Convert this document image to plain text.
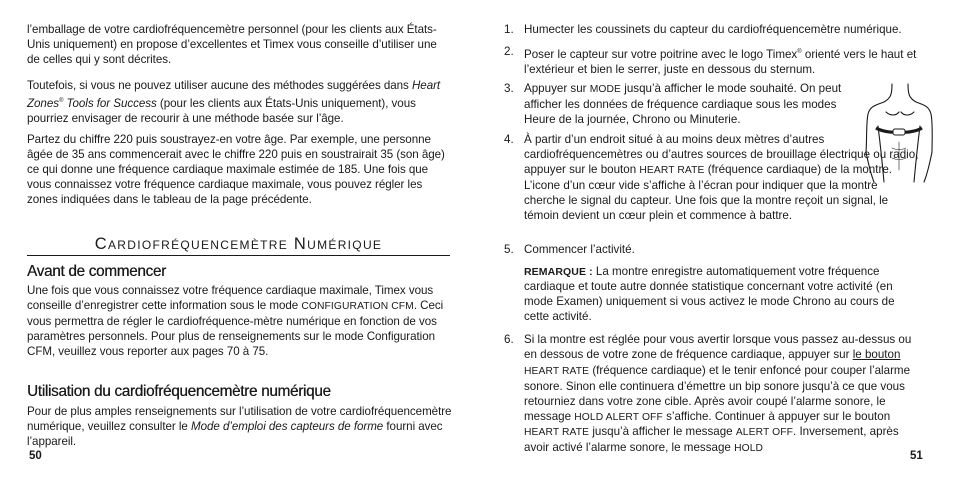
l’emballage de votre cardiofréquencemètre personnel (pour les clients aux États-Unis uniquement) en propose d’excellentes et Timex vous conseille d’utiliser une de celles qui y sont décrites.

Toutefois, si vous ne pouvez utiliser aucune des méthodes suggérées dans Heart Zones® Tools for Success (pour les clients aux États-Unis uniquement), vous pourriez envisager de recourir à une méthode basée sur l’âge.

Partez du chiffre 220 puis soustrayez-en votre âge. Par exemple, une personne âgée de 35 ans commencerait avec le chiffre 220 puis en soustrairait 35 (son âge) ce qui donne une fréquence cardiaque maximale estimée de 185. Une fois que vous connaissez votre fréquence cardiaque maximale, vous pouvez régler les zones indiquées dans le tableau de la page précédente.

Cardiofréquencemètre Numérique
Avant de commencer

Une fois que vous connaissez votre fréquence cardiaque maximale, Timex vous conseille d’enregistrer cette information sous le mode CONFIGURATION CFM. Ceci vous permettra de régler le cardiofréquence-mètre numérique en fonction de vos paramètres personnels. Pour plus de renseignements sur le mode Configuration CFM, veuillez vous reporter aux pages 70 à 75.

Utilisation du cardiofréquencemètre numérique

Pour de plus amples renseignements sur l’utilisation de votre cardiofréquencemètre numérique, veuillez consulter le Mode d’emploi des capteurs de forme fourni avec l’appareil.

50
1. Humecter les coussinets du capteur du cardiofréquencemètre numérique.

2. Poser le capteur sur votre poitrine avec le logo Timex® orienté vers le haut et l’extérieur et bien le serrer, juste en dessous du sternum.

3. Appuyer sur MODE jusqu’à afficher le mode souhaité. On peut afficher les données de fréquence cardiaque sous les modes Heure de la journée, Chrono ou Minuterie.

4. À partir d’un endroit situé à au moins deux mètres d’autres cardiofréquencemètres ou d’autres sources de brouillage électrique ou radio, appuyer sur le bouton HEART RATE (fréquence cardiaque) de la montre. L’icone d’un cœur vide s’affiche à l’écran pour indiquer que la montre cherche le signal du capteur. Une fois que la montre reçoit un signal, le témoin devient un cœur plein et commence à battre.

5. Commencer l’activité.

REMARQUE : La montre enregistre automatiquement votre fréquence cardiaque et toute autre donnée statistique concernant votre activité (en mode Examen) uniquement si vous activez le mode Chrono au cours de cette activité.

6. Si la montre est réglée pour vous avertir lorsque vous passez au-dessus ou en dessous de votre zone de fréquence cardiaque, appuyer sur le bouton HEART RATE (fréquence cardiaque) et le tenir enfoncé pour couper l’alarme sonore. Sinon elle continuera d’émettre un bip sonore jusqu’à ce que vous retourniez dans votre zone cible. Après avoir coupé l’alarme sonore, le message HOLD ALERT OFF s’affiche. Continuer à appuyer sur le bouton HEART RATE jusqu’à afficher le message ALERT OFF. Inversement, après avoir activé l’alarme sonore, le message HOLD

51
